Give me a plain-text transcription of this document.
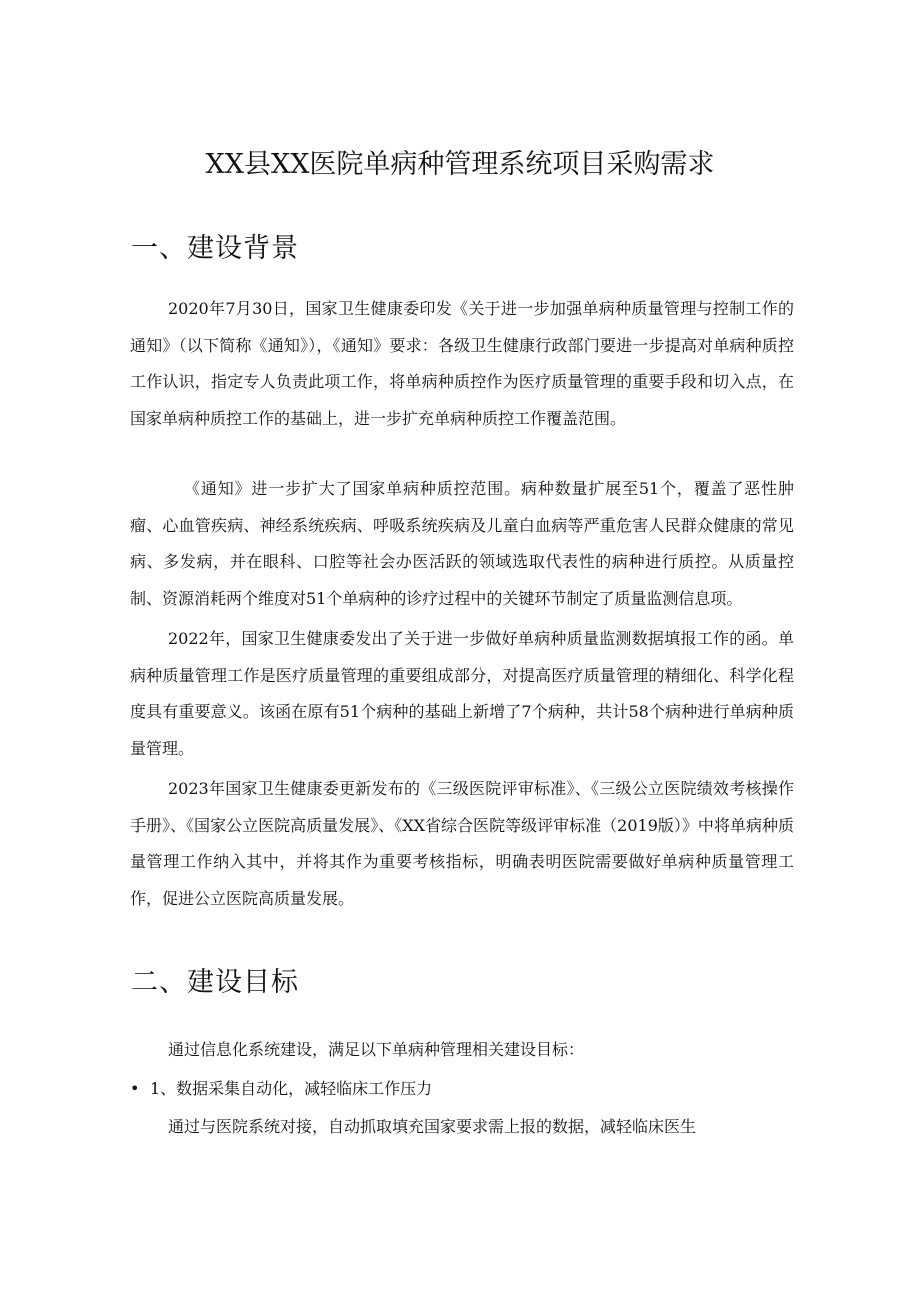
XX县XX医院单病种管理系统项目采购需求
一、建设背景

2020年7月30日，国家卫生健康委印发《关于进一步加强单病种质量管理与控制工作的通知》（以下简称《通知》），《通知》要求：各级卫生健康行政部门要进一步提高对单病种质控工作认识，指定专人负责此项工作，将单病种质控作为医疗质量管理的重要手段和切入点，在国家单病种质控工作的基础上，进一步扩充单病种质控工作覆盖范围。

《通知》进一步扩大了国家单病种质控范围。病种数量扩展至51个，覆盖了恶性肿瘤、心血管疾病、神经系统疾病、呼吸系统疾病及儿童白血病等严重危害人民群众健康的常见病、多发病，并在眼科、口腔等社会办医活跃的领域选取代表性的病种进行质控。从质量控制、资源消耗两个维度对51个单病种的诊疗过程中的关键环节制定了质量监测信息项。

2022年，国家卫生健康委发出了关于进一步做好单病种质量监测数据填报工作的函。单病种质量管理工作是医疗质量管理的重要组成部分，对提高医疗质量管理的精细化、科学化程度具有重要意义。该函在原有51个病种的基础上新增了7个病种，共计58个病种进行单病种质量管理。

2023年国家卫生健康委更新发布的《三级医院评审标准》、《三级公立医院绩效考核操作手册》、《国家公立医院高质量发展》、《XX省综合医院等级评审标准（2019版）》中将单病种质量管理工作纳入其中，并将其作为重要考核指标，明确表明医院需要做好单病种质量管理工作，促进公立医院高质量发展。

二、建设目标
通过信息化系统建设，满足以下单病种管理相关建设目标：
• 1、数据采集自动化，减轻临床工作压力
通过与医院系统对接，自动抓取填充国家要求需上报的数据，减轻临床医生
